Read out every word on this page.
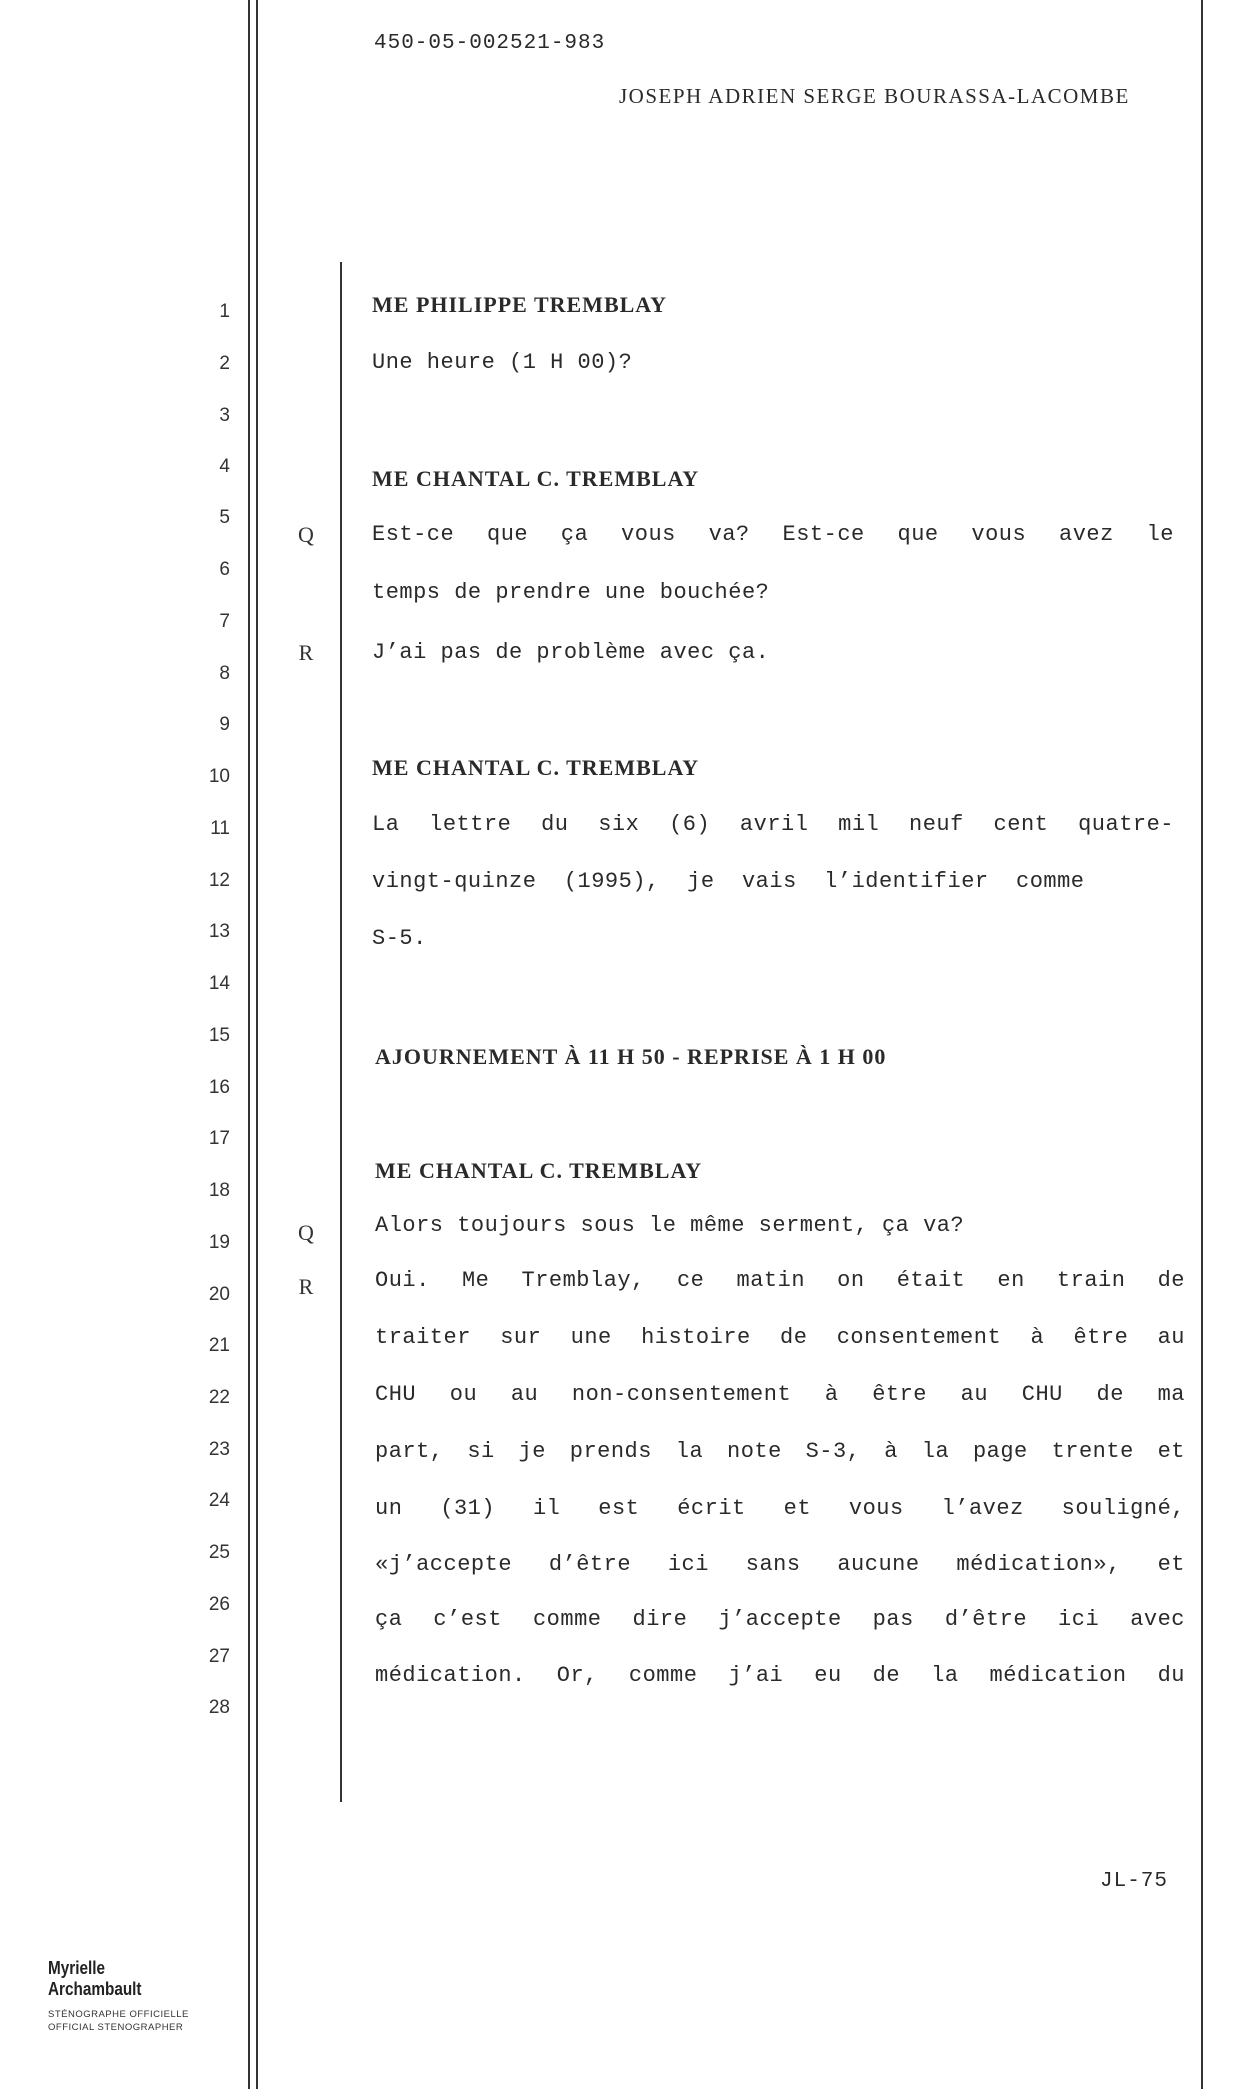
450-05-002521-983
JOSEPH ADRIEN SERGE BOURASSA-LACOMBE
1
2
3
4
5
6
7
8
9
10
11
12
13
14
15
16
17
18
19
20
21
22
23
24
25
26
27
28
Q
R
Q
R
ME PHILIPPE TREMBLAY
Une heure (1 H 00)?
ME CHANTAL C. TREMBLAY
Est-ce que ça vous va? Est-ce que vous avez le
temps de prendre une bouchée?
J’ai pas de problème avec ça.
ME CHANTAL C. TREMBLAY
La lettre du six (6) avril mil neuf cent quatre-
vingt-quinze  (1995),  je  vais  l’identifier  comme
S-5.
AJOURNEMENT À 11 H 50 - REPRISE À 1 H 00
ME CHANTAL C. TREMBLAY
Alors toujours sous le même serment, ça va?
Oui. Me Tremblay, ce matin on était en train de
traiter sur une histoire de consentement à être au
CHU ou au non-consentement à être au CHU de ma
part, si je prends la note S-3, à la page trente et
un (31) il est écrit et vous l’avez souligné,
«j’accepte d’être ici sans aucune médication», et
ça c’est comme dire j’accepte pas d’être ici avec
médication. Or, comme j’ai eu de la médication du
JL-75
Myrielle Archambault
STÉNOGRAPHE OFFICIELLE
OFFICIAL STENOGRAPHER
